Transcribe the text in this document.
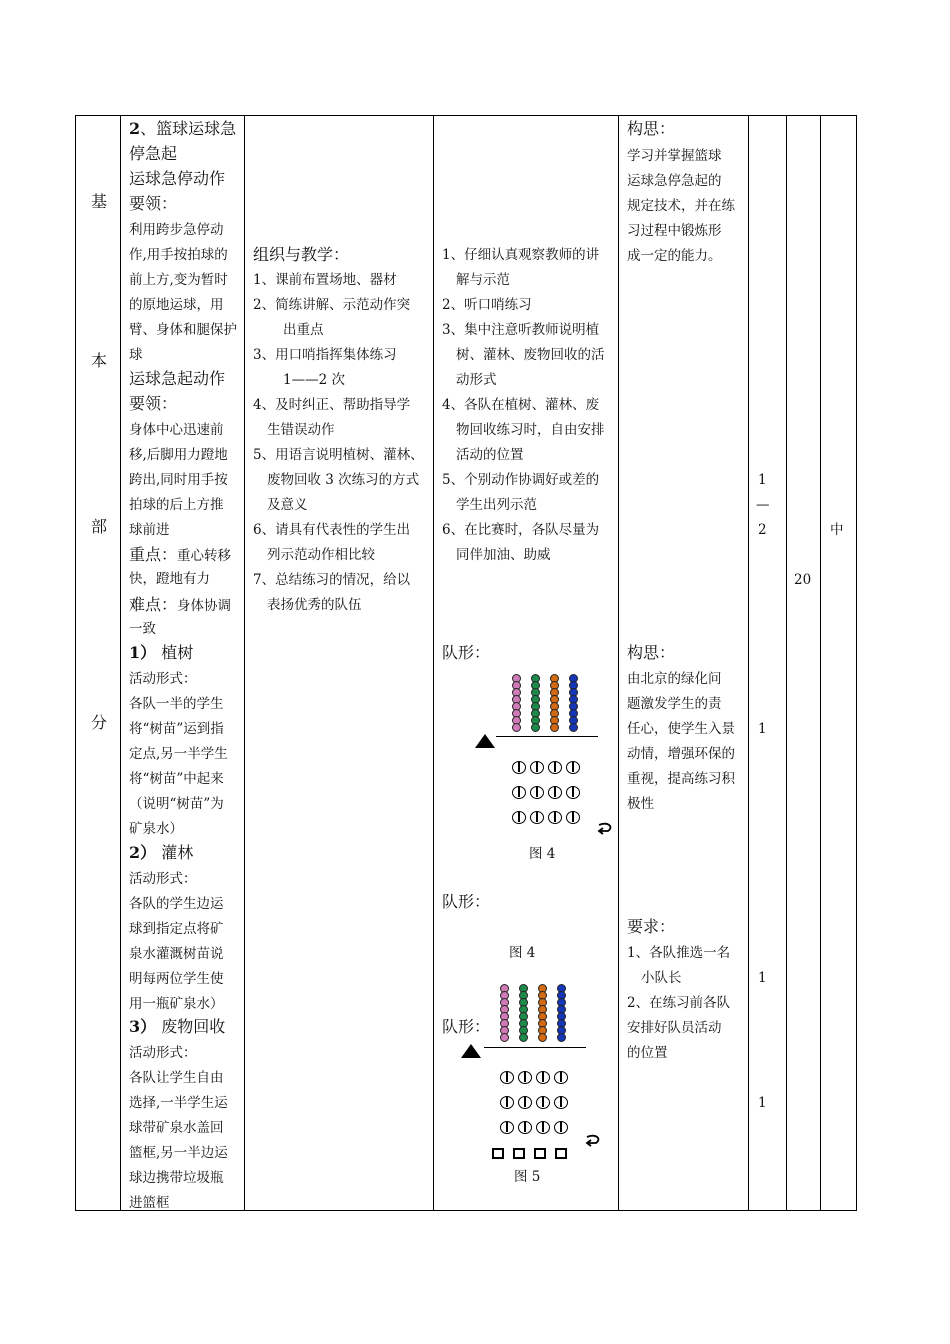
基
本
部
分
2、篮球运球急
停急起
运球急停动作
要领：
利用跨步急停动
作,用手按拍球的
前上方,变为暂时
的原地运球，用
臂、身体和腿保护
球
运球急起动作
要领：
身体中心迅速前
移,后脚用力蹬地
跨出,同时用手按
拍球的后上方推
球前进
重点：重心转移
快，蹬地有力
难点：身体协调
一致
1） 植树
活动形式：
各队一半的学生
将“树苗”运到指
定点,另一半学生
将“树苗”中起来
（说明“树苗”为
矿泉水）
2） 灌林
活动形式：
各队的学生边运
球到指定点将矿
泉水灌溉树苗说
明每两位学生使
用一瓶矿泉水）
3） 废物回收
活动形式：
各队让学生自由
选择,一半学生运
球带矿泉水盖回
篮框,另一半边运
球边携带垃圾瓶
进篮框
组织与教学：
1、课前布置场地、器材
2、简练讲解、示范动作突
出重点
3、用口哨指挥集体练习
1——2 次
4、及时纠正、帮助指导学
生错误动作
5、用语言说明植树、灌林、
废物回收 3 次练习的方式
及意义
6、请具有代表性的学生出
列示范动作相比较
7、总结练习的情况，给以
表扬优秀的队伍
1、仔细认真观察教师的讲
解与示范
2、听口哨练习
3、集中注意听教师说明植
树、灌林、废物回收的活
动形式
4、各队在植树、灌林、废
物回收练习时，自由安排
活动的位置
5、个别动作协调好或差的
学生出列示范
6、在比赛时，各队尽量为
同伴加油、助威
队形：
图 4
队形：
图 4
队形：
图 5
构思：
学习并掌握篮球
运球急停急起的
规定技术，并在练
习过程中锻炼形
成一定的能力。
构思：
由北京的绿化问
题激发学生的责
任心，使学生入景
动情，增强环保的
重视，提高练习积
极性
要求：
1、各队推选一名
小队长
2、在练习前各队
安排好队员活动
的位置
1
—
2
1
1
1
20
中
